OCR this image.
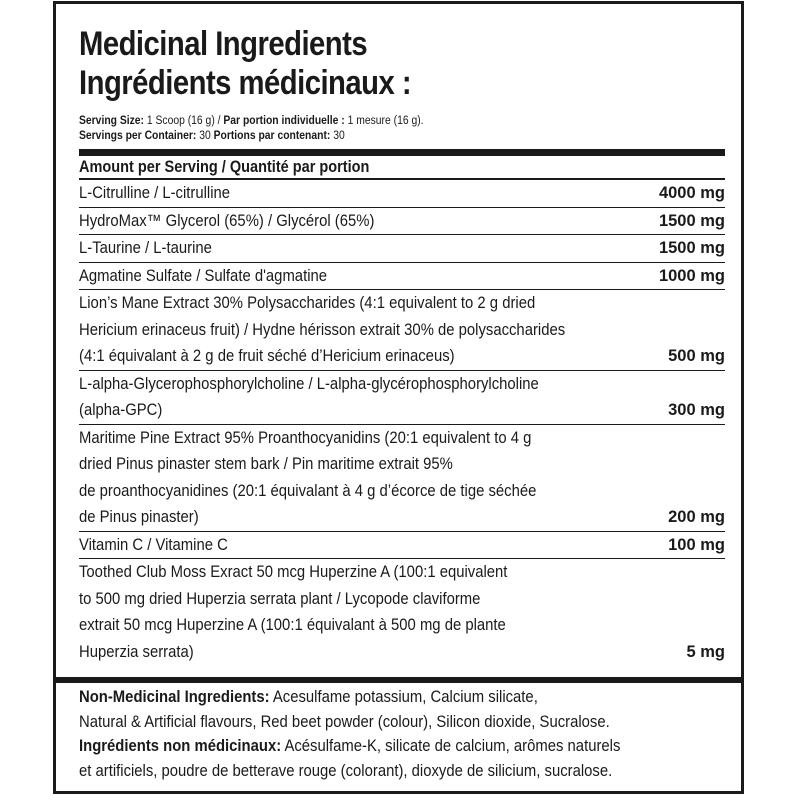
Medicinal Ingredients
Ingrédients médicinaux :
Serving Size: 1 Scoop (16 g) / Par portion individuelle : 1 mesure (16 g).
Servings per Container: 30 Portions par contenant: 30
Amount per Serving / Quantité par portion
L-Citrulline / L-citrulline	4000 mg
HydroMax™ Glycerol (65%) / Glycérol (65%)	1500 mg
L-Taurine / L-taurine	1500 mg
Agmatine Sulfate / Sulfate d'agmatine	1000 mg
Lion’s Mane Extract 30% Polysaccharides (4:1 equivalent to 2 g dried
Hericium erinaceus fruit) / Hydne hérisson extrait 30% de polysaccharides
(4:1 équivalant à 2 g de fruit séché d’Hericium erinaceus)	500 mg
L-alpha-Glycerophosphorylcholine / L-alpha-glycérophosphorylcholine
(alpha-GPC)	300 mg
Maritime Pine Extract 95% Proanthocyanidins (20:1 equivalent to 4 g
dried Pinus pinaster stem bark / Pin maritime extrait 95%
de proanthocyanidines (20:1 équivalant à 4 g d’écorce de tige séchée
de Pinus pinaster)	200 mg
Vitamin C / Vitamine C	100 mg
Toothed Club Moss Exract 50 mcg Huperzine A (100:1 equivalent
to 500 mg dried Huperzia serrata plant / Lycopode claviforme
extrait 50 mcg Huperzine A (100:1 équivalant à 500 mg de plante
Huperzia serrata)	5 mg
Non-Medicinal Ingredients: Acesulfame potassium, Calcium silicate,
Natural & Artificial flavours, Red beet powder (colour), Silicon dioxide, Sucralose.
Ingrédients non médicinaux: Acésulfame-K, silicate de calcium, arômes naturels
et artificiels, poudre de betterave rouge (colorant), dioxyde de silicium, sucralose.
